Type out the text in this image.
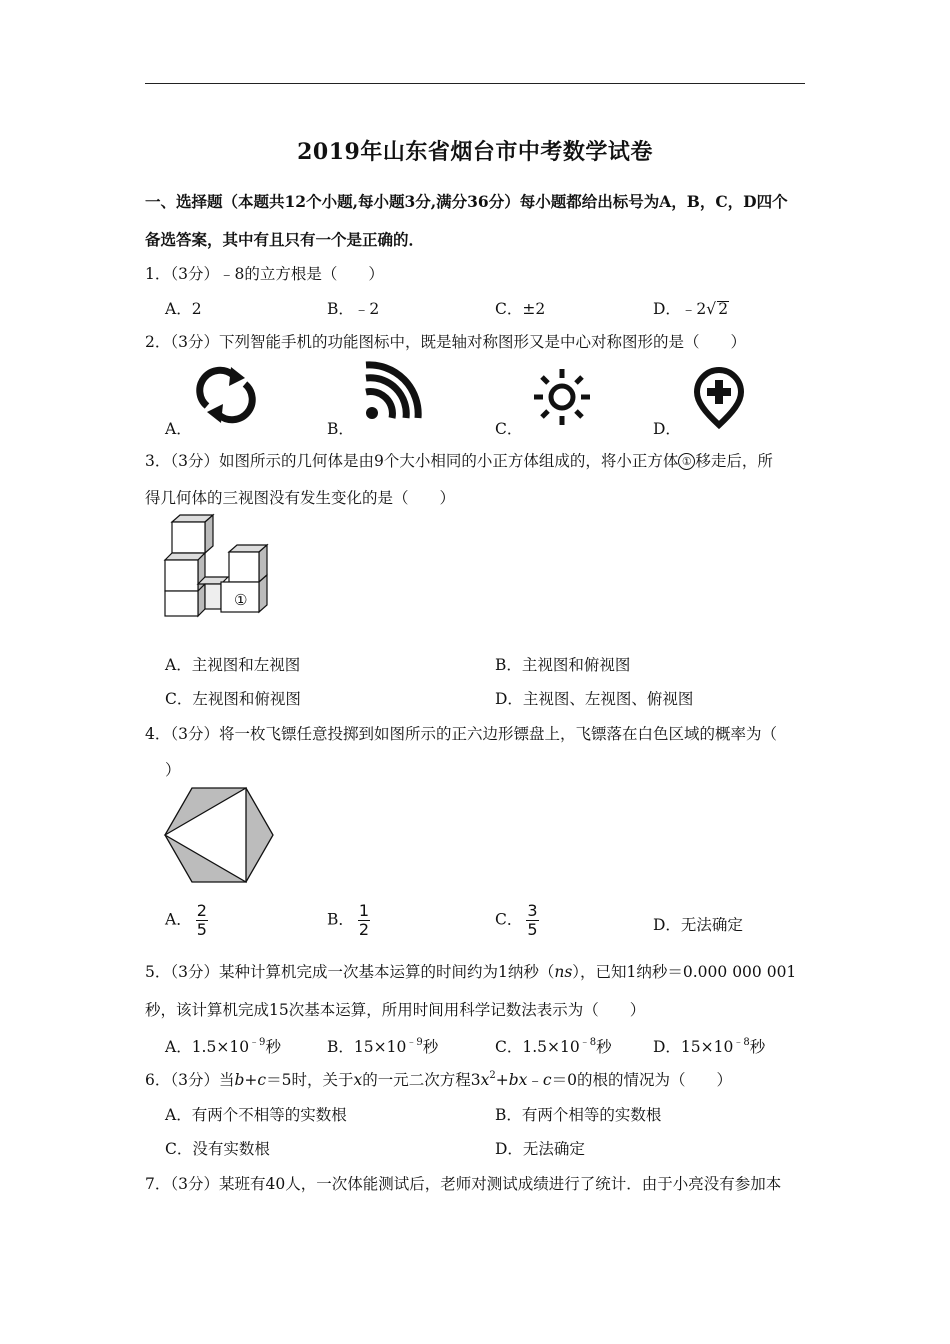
2019年山东省烟台市中考数学试卷
一、选择题（本题共12个小题,每小题3分,满分36分）每小题都给出标号为A，B，C，D四个
备选答案，其中有且只有一个是正确的．
1．（3分）﹣8的立方根是（　　）
A．2	B．﹣2	C．±2	D．﹣2√ 2
2．（3分）下列智能手机的功能图标中，既是轴对称图形又是中心对称图形的是（　　）
A．	B．	C．	D．
3．（3分）如图所示的几何体是由9个大小相同的小正方体组成的，将小正方体 ① 移走后，所
得几何体的三视图没有发生变化的是（　　）
①
A．主视图和左视图	B．主视图和俯视图
C．左视图和俯视图	D．主视图、左视图、俯视图
4．（3分）将一枚飞镖任意投掷到如图所示的正六边形镖盘上，飞镖落在白色区域的概率为（
）
A． $\frac{2}{5}$	B． $\frac{1}{2}$	C． $\frac{3}{5}$	D．无法确定
5．（3分）某种计算机完成一次基本运算的时间约为1纳秒（ns），已知1纳秒＝0.000 000 001
秒，该计算机完成15次基本运算，所用时间用科学记数法表示为（　　）
A．$1.5\times 10^{﹣9}$秒	B．$15\times 10^{﹣9}$秒	C．$1.5\times 10^{﹣8}$秒	D．$15\times 10^{﹣8}$秒
6．（3分）当b+c＝5时，关于x的一元二次方程$3x^2+bx﹣c=0$的根的情况为（　　）
A．有两个不相等的实数根	B．有两个相等的实数根
C．没有实数根	D．无法确定
7．（3分）某班有40人，一次体能测试后，老师对测试成绩进行了统计．由于小亮没有参加本
